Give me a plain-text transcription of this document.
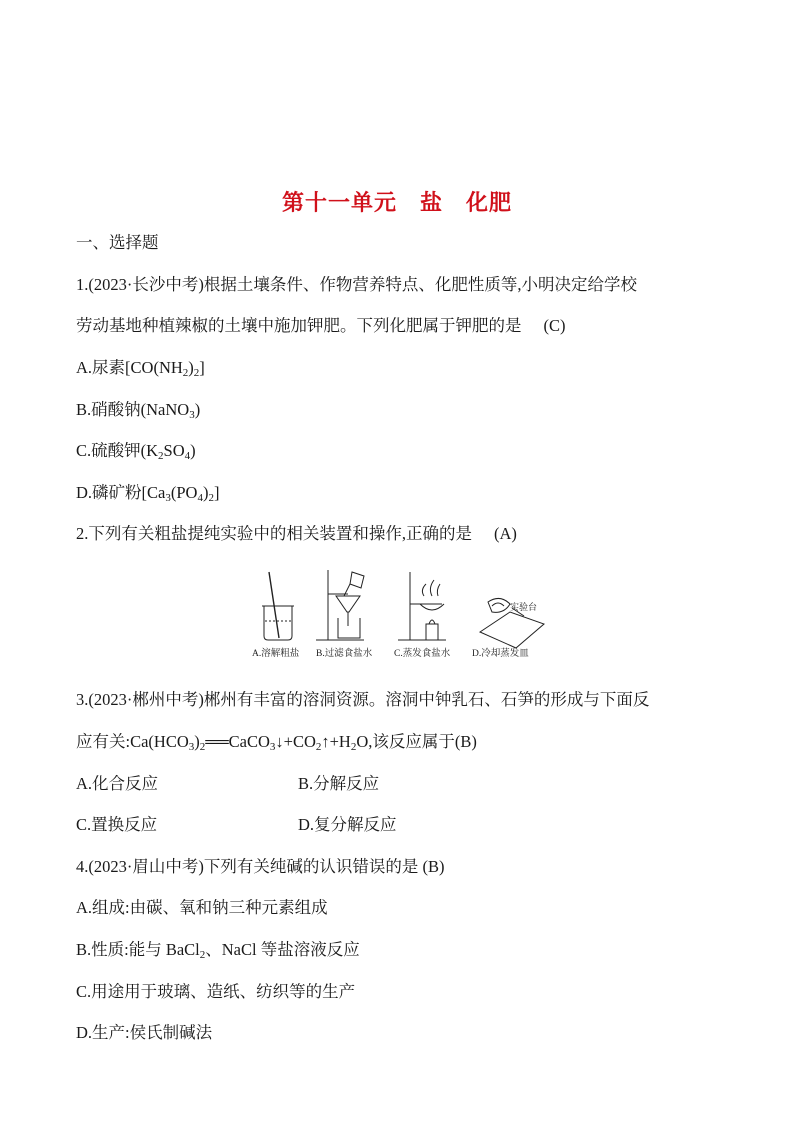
第十一单元　盐　化肥
一、选择题
1.(2023·长沙中考)根据土壤条件、作物营养特点、化肥性质等,小明决定给学校
劳动基地种植辣椒的土壤中施加钾肥。下列化肥属于钾肥的是 (C)
A.尿素$[CO(NH_2)_2]$
B.硝酸钠(NaNO$_3$)
C.硫酸钾$(K_2SO_4)$
D.磷矿粉$[Ca_3(PO_4)_2]$
2.下列有关粗盐提纯实验中的相关装置和操作,正确的是 (A)
实验台
A.溶解粗盐 B.过滤食盐水 C.蒸发食盐水 D.冷却蒸发皿
3.(2023·郴州中考)郴州有丰富的溶洞资源。溶洞中钟乳石、石笋的形成与下面反
应有关$:Ca(HCO_3)_2══CaCO_3↓+CO_2↑+H_2O$,该反应属于(B)
A.化合反应	B.分解反应
C.置换反应	D.复分解反应
4.(2023·眉山中考)下列有关纯碱的认识错误的是 (B)
A.组成:由碳、氧和钠三种元素组成
B.性质:能与 BaCl$_2$、NaCl 等盐溶液反应
C.用途用于玻璃、造纸、纺织等的生产
D.生产:侯氏制碱法
